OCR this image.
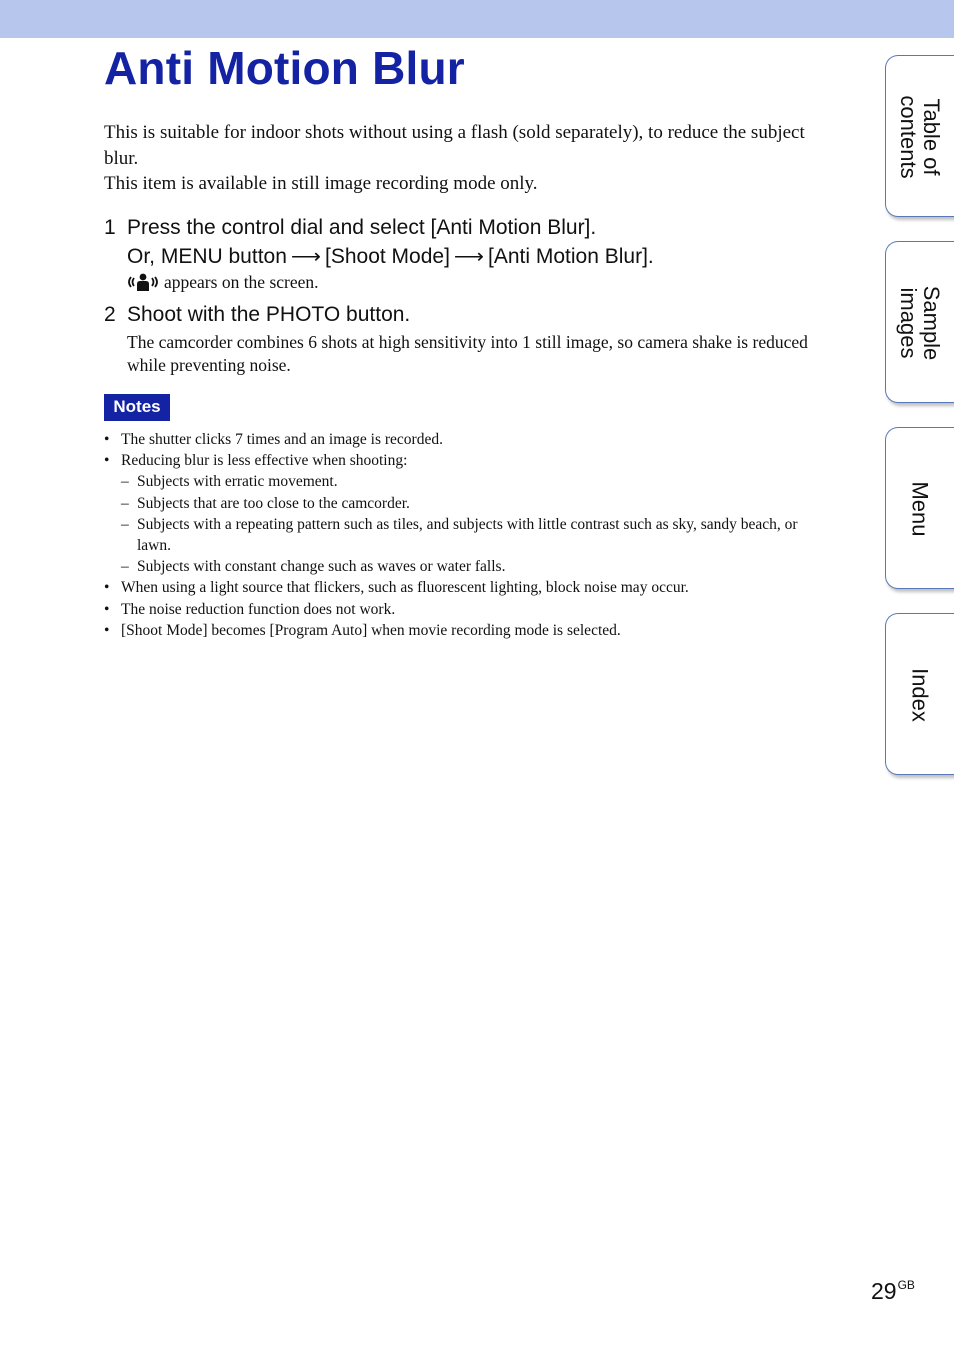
Anti Motion Blur

This is suitable for indoor shots without using a flash (sold separately), to reduce the subject blur.

This item is available in still image recording mode only.

1 Press the control dial and select [Anti Motion Blur].
Or, MENU button ⟶ [Shoot Mode] ⟶ [Anti Motion Blur].
appears on the screen.
2 Shoot with the PHOTO button.
The camcorder combines 6 shots at high sensitivity into 1 still image, so camera shake is reduced while preventing noise.
Notes
• The shutter clicks 7 times and an image is recorded.
• Reducing blur is less effective when shooting:
– Subjects with erratic movement.
– Subjects that are too close to the camcorder.
– Subjects with a repeating pattern such as tiles, and subjects with little contrast such as sky, sandy beach, or lawn.
– Subjects with constant change such as waves or water falls.
• When using a light source that flickers, such as fluorescent lighting, block noise may occur.
• The noise reduction function does not work.
• [Shoot Mode] becomes [Program Auto] when movie recording mode is selected.
Table of
contents
Sample
images
Menu
Index
$29^{GB}$
